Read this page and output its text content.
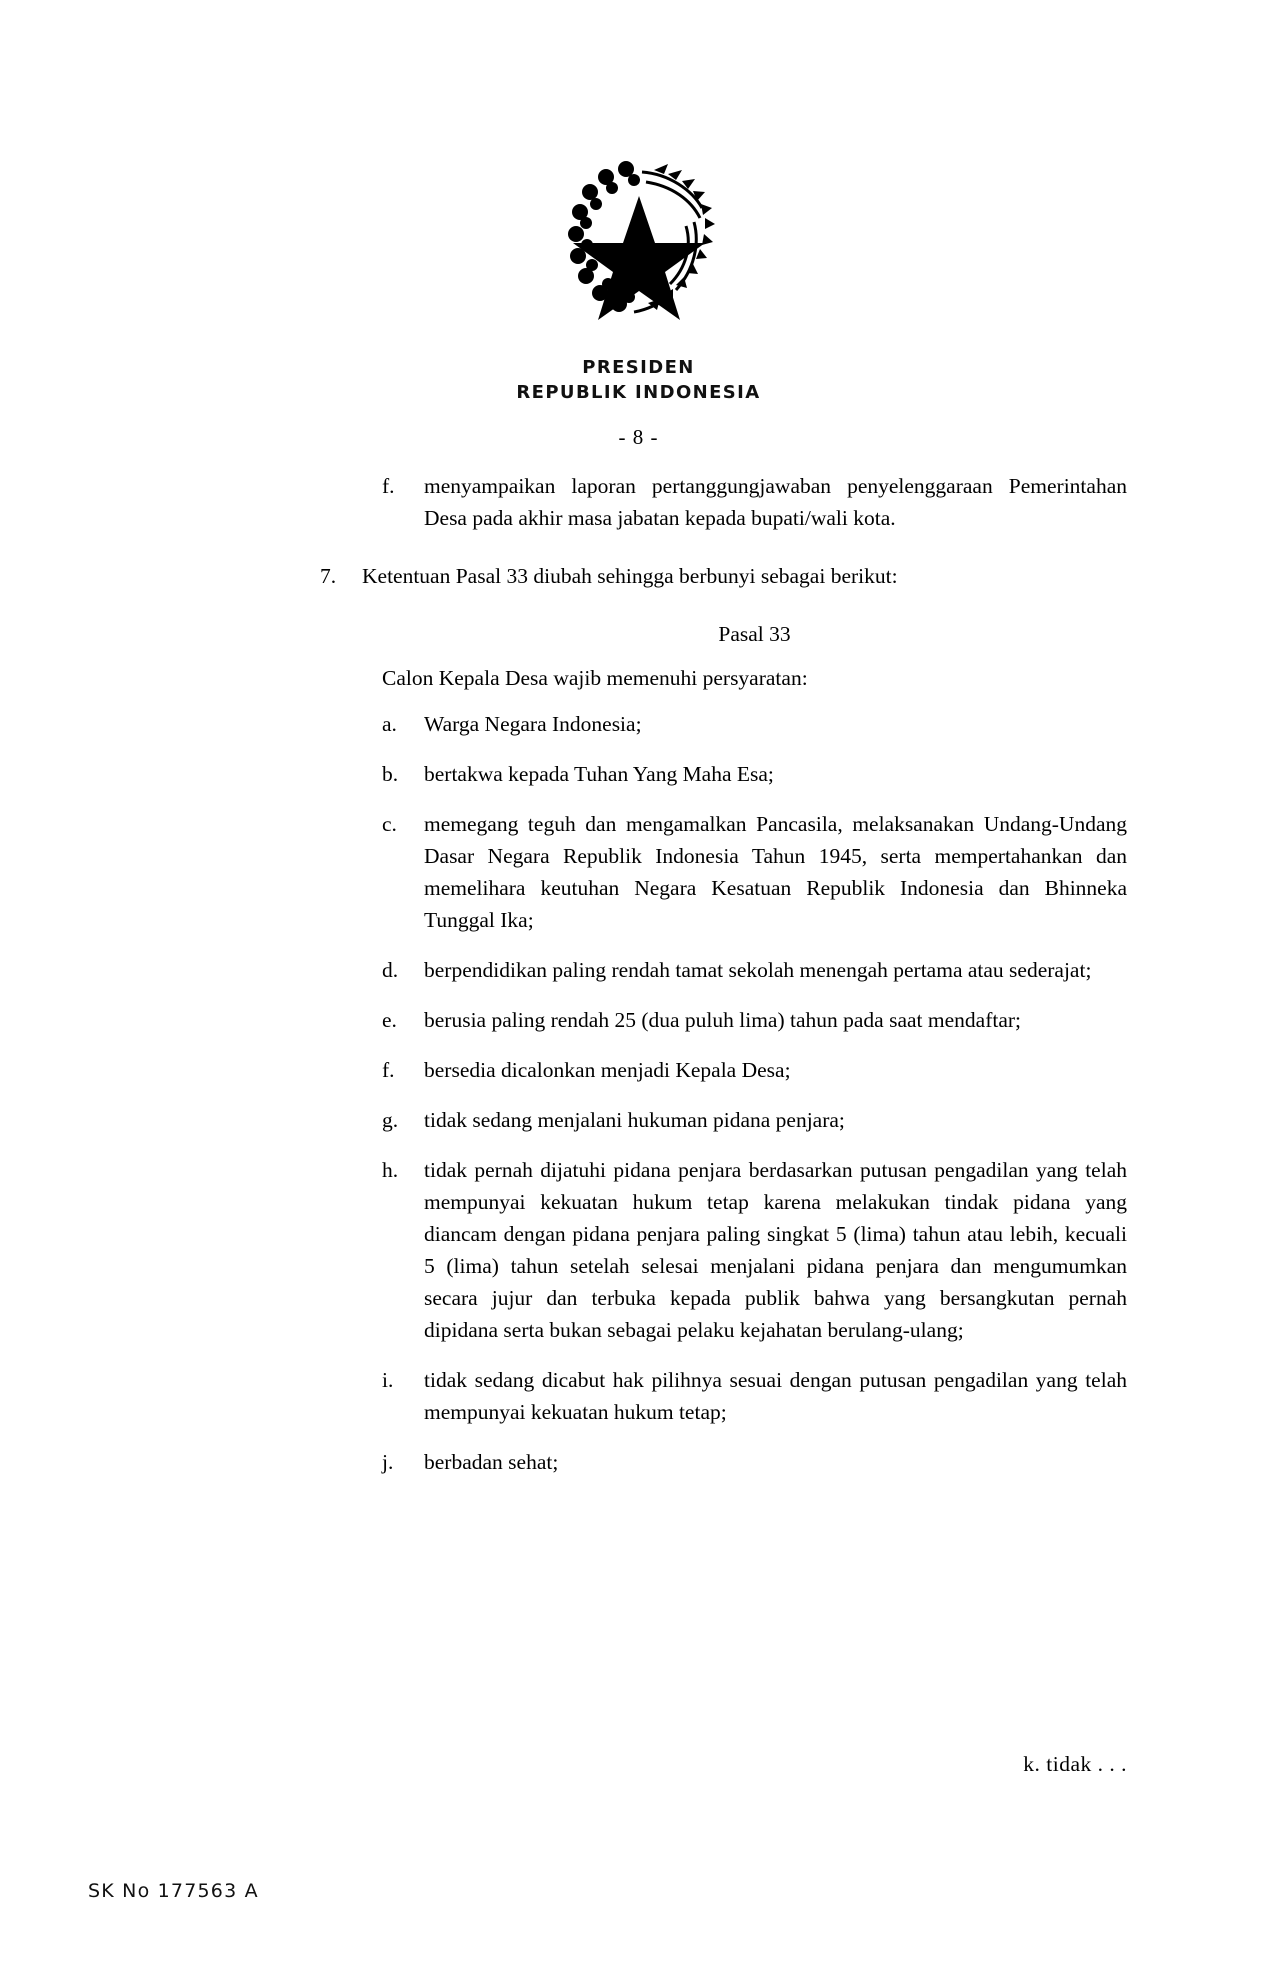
PRESIDEN
REPUBLIK INDONESIA
- 8 -
f.	menyampaikan laporan pertanggungjawaban penyelenggaraan Pemerintahan Desa pada akhir masa jabatan kepada bupati/wali kota.
7.	Ketentuan Pasal 33 diubah sehingga berbunyi sebagai berikut:
Pasal 33
Calon Kepala Desa wajib memenuhi persyaratan:
a.	Warga Negara Indonesia;
b.	bertakwa kepada Tuhan Yang Maha Esa;
c.	memegang teguh dan mengamalkan Pancasila, melaksanakan Undang-Undang Dasar Negara Republik Indonesia Tahun 1945, serta mempertahankan dan memelihara keutuhan Negara Kesatuan Republik Indonesia dan Bhinneka Tunggal Ika;
d.	berpendidikan paling rendah tamat sekolah menengah pertama atau sederajat;
e.	berusia paling rendah 25 (dua puluh lima) tahun pada saat mendaftar;
f.	bersedia dicalonkan menjadi Kepala Desa;
g.	tidak sedang menjalani hukuman pidana penjara;
h.	tidak pernah dijatuhi pidana penjara berdasarkan putusan pengadilan yang telah mempunyai kekuatan hukum tetap karena melakukan tindak pidana yang diancam dengan pidana penjara paling singkat 5 (lima) tahun atau lebih, kecuali 5 (lima) tahun setelah selesai menjalani pidana penjara dan mengumumkan secara jujur dan terbuka kepada publik bahwa yang bersangkutan pernah dipidana serta bukan sebagai pelaku kejahatan berulang-ulang;
i.	tidak sedang dicabut hak pilihnya sesuai dengan putusan pengadilan yang telah mempunyai kekuatan hukum tetap;
j.	berbadan sehat;
k. tidak . . .
SK No 177563 A
